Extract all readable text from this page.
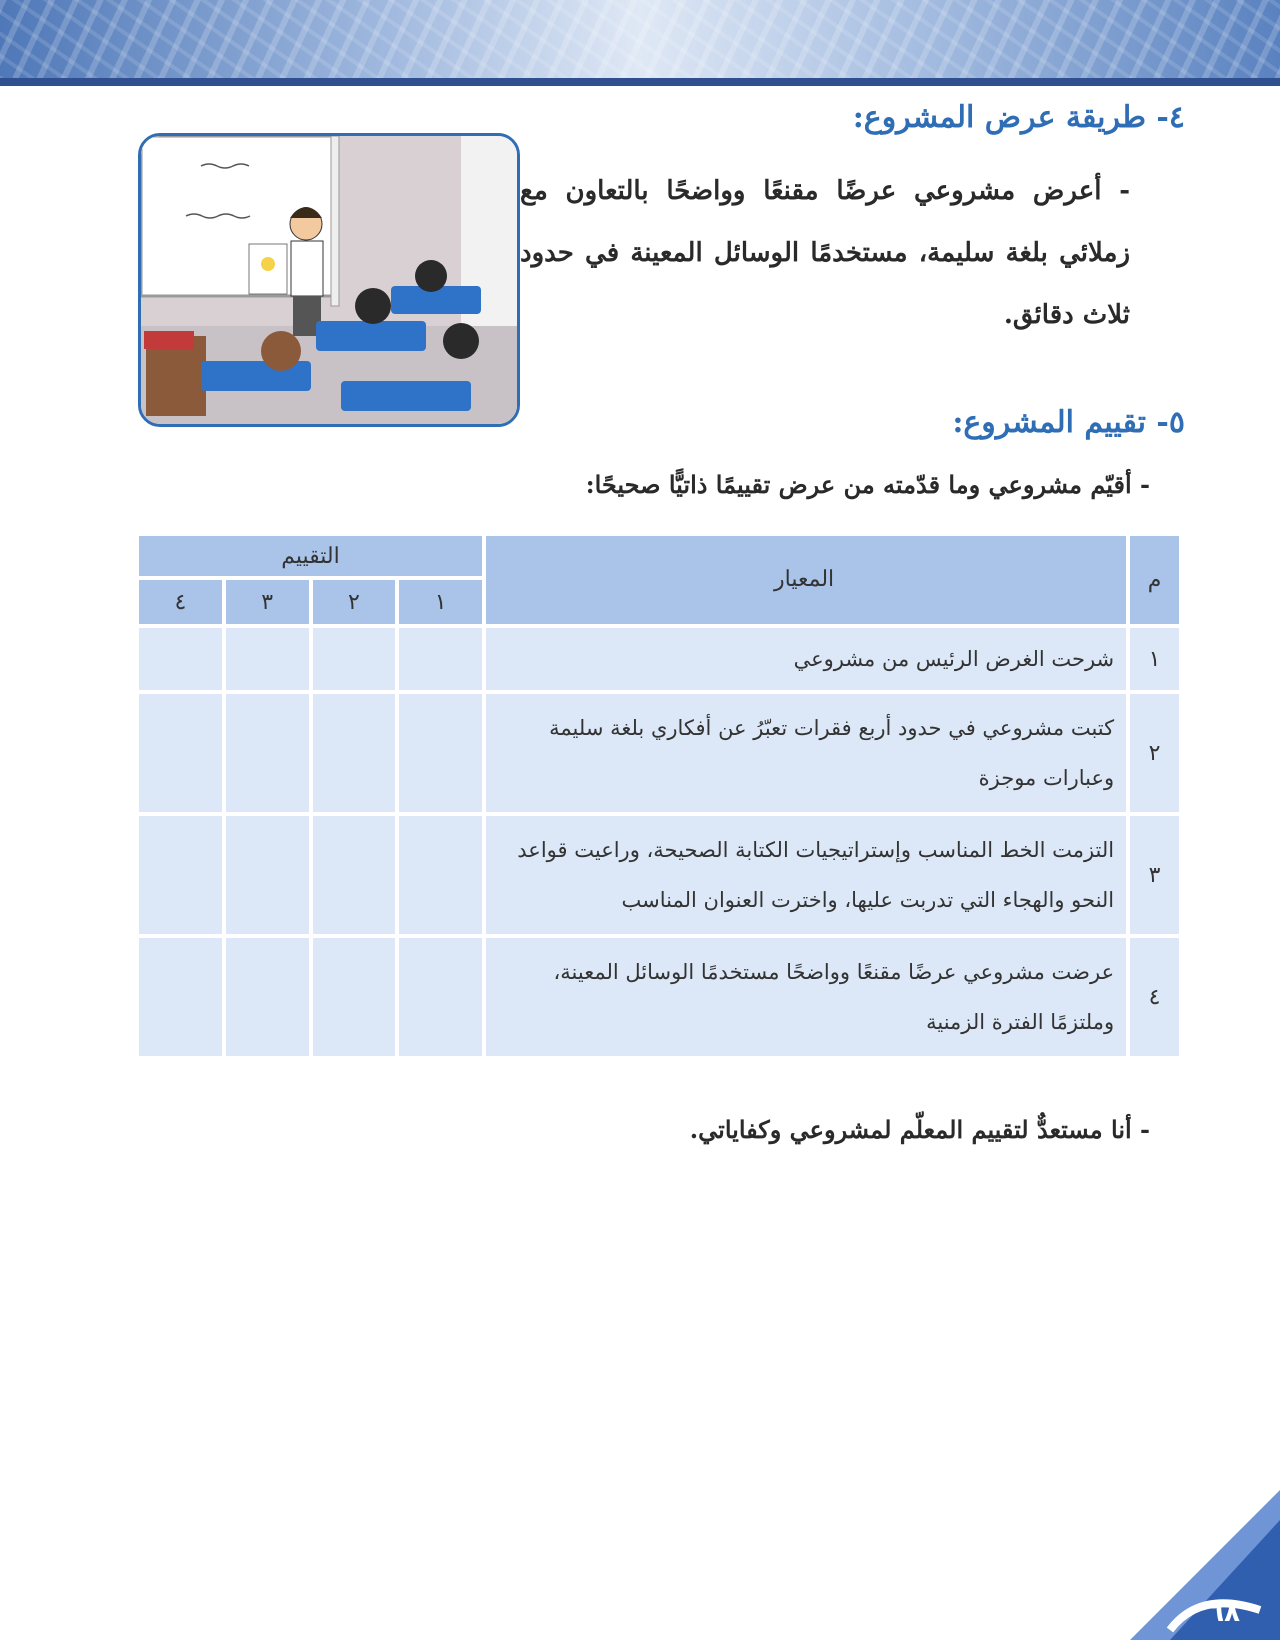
٤- طريقة عرض المشروع:
- أعرض مشروعي عرضًا مقنعًا وواضحًا بالتعاون مع زملائي بلغة سليمة، مستخدمًا الوسائل المعينة في حدود ثلاث دقائق.
٥- تقييم المشروع:
- أقيّم مشروعي وما قدّمته من عرض تقييمًا ذاتيًّا صحيحًا:
م	المعيار	التقييم			
		١	٢	٣	٤
١	شرحت الغرض الرئيس من مشروعي				
٢	كتبت مشروعي في حدود أربع فقرات تعبّرُ عن أفكاري بلغة سليمة وعبارات موجزة				
٣	التزمت الخط المناسب وإستراتيجيات الكتابة الصحيحة، وراعيت قواعد النحو والهجاء التي تدربت عليها، واخترت العنوان المناسب				
٤	عرضت مشروعي عرضًا مقنعًا وواضحًا مستخدمًا الوسائل المعينة، وملتزمًا الفترة الزمنية				
- أنا مستعدٌّ لتقييم المعلّم لمشروعي وكفاياتي.
٦٨
